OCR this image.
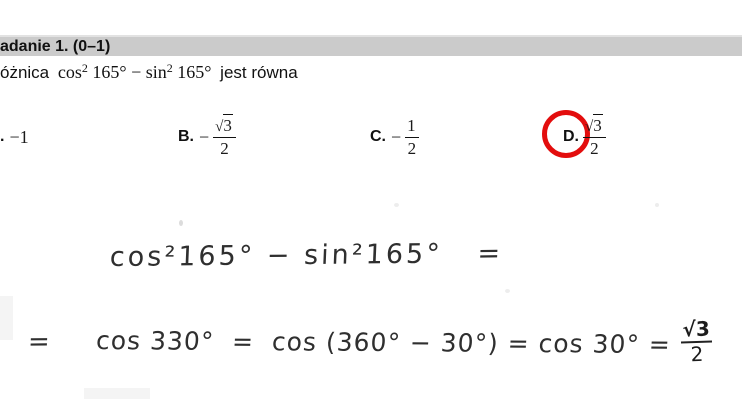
adanie 1. (0–1)
óżnica $\cos^2 165^\circ - \sin^2 165^\circ$ jest równa
. −1	B. − $\frac{√3}{2}$	C. − $\frac{1}{2}$	D. $\frac{√3}{2}$
cos²165° − sin²165°   =
= $\cos 330^\circ = \cos (360^\circ - 30^\circ) = \cos 30^\circ = \frac{√3}{2}$
